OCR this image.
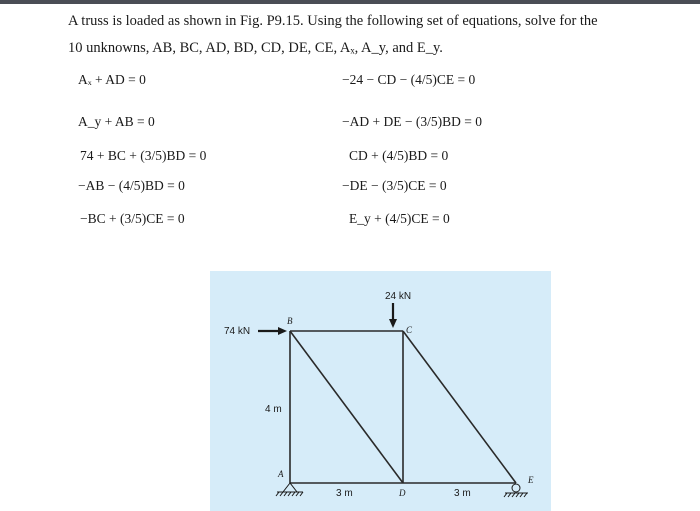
A truss is loaded as shown in Fig. P9.15. Using the following set of equations, solve for the

10 unknowns, AB, BC, AD, BD, CD, DE, CE, Aₓ, A_y, and E_y.

Aₓ + AD = 0
A_y + AB = 0
74 + BC + (3/5)BD = 0
−AB − (4/5)BD = 0
−BC + (3/5)CE = 0
−24 − CD − (4/5)CE = 0
−AD + DE − (3/5)BD = 0
CD + (4/5)BD = 0
−DE − (3/5)CE = 0
E_y + (4/5)CE = 0
74 kN
24 kN
B
C
A
D
E
4 m
3 m	3 m
